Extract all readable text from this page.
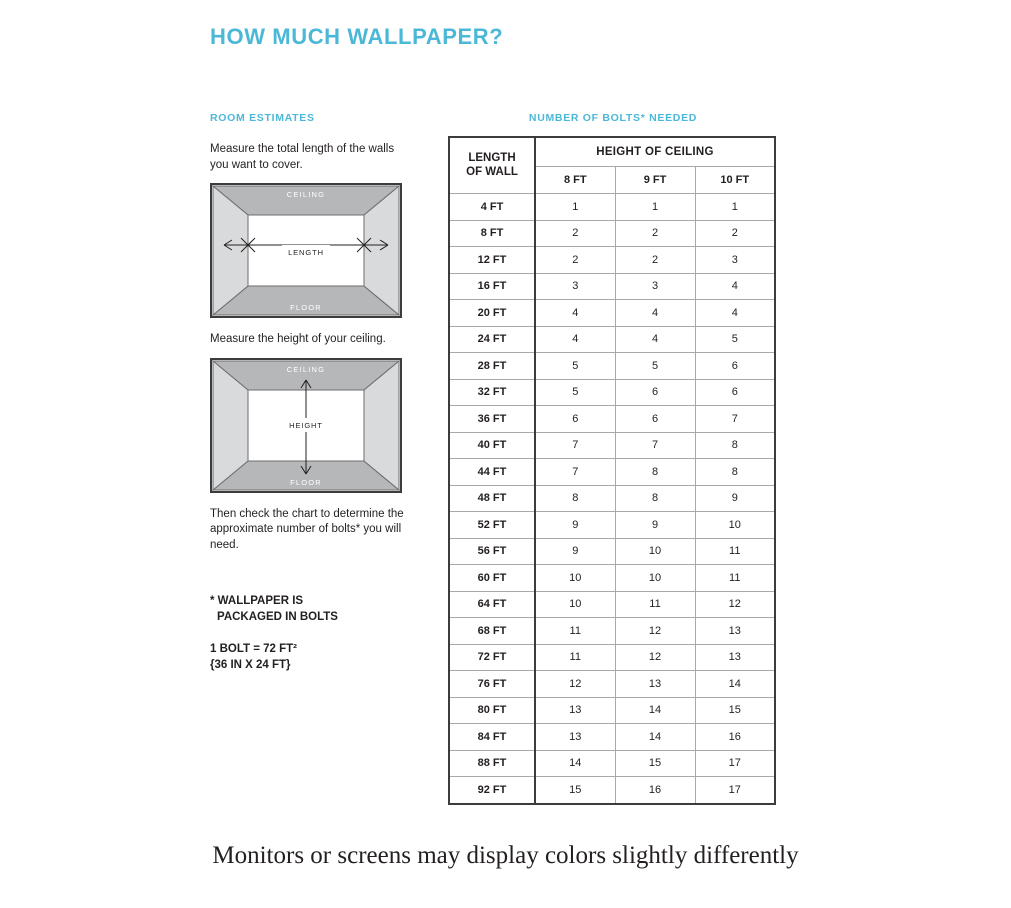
HOW MUCH WALLPAPER?
ROOM ESTIMATES

Measure the total length of the walls you want to cover.

CEILING
FLOOR
LENGTH

Measure the height of your ceiling.

CEILING
FLOOR
HEIGHT

Then check the chart to determine the approximate number of bolts* you will need.

* WALLPAPER IS
PACKAGED IN BOLTS
1 BOLT = 72 FT²
{36 IN X 24 FT}
NUMBER OF BOLTS* NEEDED
LENGTH
OF WALL	HEIGHT OF CEILING		
	8 FT	9 FT	10 FT
4 FT	1	1	1
8 FT	2	2	2
12 FT	2	2	3
16 FT	3	3	4
20 FT	4	4	4
24 FT	4	4	5
28 FT	5	5	6
32 FT	5	6	6
36 FT	6	6	7
40 FT	7	7	8
44 FT	7	8	8
48 FT	8	8	9
52 FT	9	9	10
56 FT	9	10	11
60 FT	10	10	11
64 FT	10	11	12
68 FT	11	12	13
72 FT	11	12	13
76 FT	12	13	14
80 FT	13	14	15
84 FT	13	14	16
88 FT	14	15	17
92 FT	15	16	17
Monitors or screens may display colors slightly differently
